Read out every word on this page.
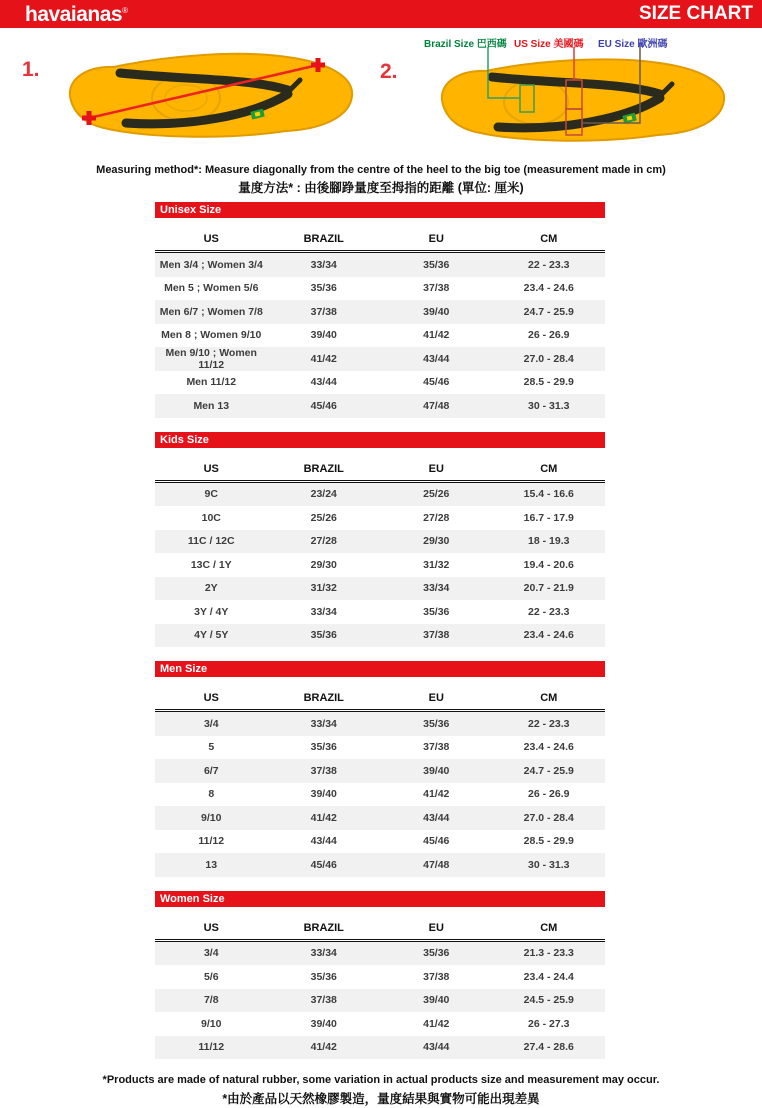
havaianas®	SIZE CHART
1.	2.
Brazil Size 巴西碼 US Size 美國碼 EU Size 歐洲碼

Measuring method*: Measure diagonally from the centre of the heel to the big toe (measurement made in cm)

量度方法* : 由後腳踭量度至拇指的距離 (單位: 厘米)

Unisex Size
US	BRAZIL	EU	CM
Men 3/4 ; Women 3/4	33/34	35/36	22 - 23.3
Men 5 ; Women 5/6	35/36	37/38	23.4 - 24.6
Men 6/7 ; Women 7/8	37/38	39/40	24.7 - 25.9
Men 8 ; Women 9/10	39/40	41/42	26 - 26.9
Men 9/10 ; Women 11/12	41/42	43/44	27.0 - 28.4
Men 11/12	43/44	45/46	28.5 - 29.9
Men 13	45/46	47/48	30 - 31.3
Kids Size
US	BRAZIL	EU	CM
9C	23/24	25/26	15.4 - 16.6
10C	25/26	27/28	16.7 - 17.9
11C / 12C	27/28	29/30	18 - 19.3
13C / 1Y	29/30	31/32	19.4 - 20.6
2Y	31/32	33/34	20.7 - 21.9
3Y / 4Y	33/34	35/36	22 - 23.3
4Y / 5Y	35/36	37/38	23.4 - 24.6
Men Size
US	BRAZIL	EU	CM
3/4	33/34	35/36	22 - 23.3
5	35/36	37/38	23.4 - 24.6
6/7	37/38	39/40	24.7 - 25.9
8	39/40	41/42	26 - 26.9
9/10	41/42	43/44	27.0 - 28.4
11/12	43/44	45/46	28.5 - 29.9
13	45/46	47/48	30 - 31.3
Women Size
US	BRAZIL	EU	CM
3/4	33/34	35/36	21.3 - 23.3
5/6	35/36	37/38	23.4 - 24.4
7/8	37/38	39/40	24.5 - 25.9
9/10	39/40	41/42	26 - 27.3
11/12	41/42	43/44	27.4 - 28.6

*Products are made of natural rubber, some variation in actual products size and measurement may occur.

*由於產品以天然橡膠製造，量度結果與實物可能出現差異
